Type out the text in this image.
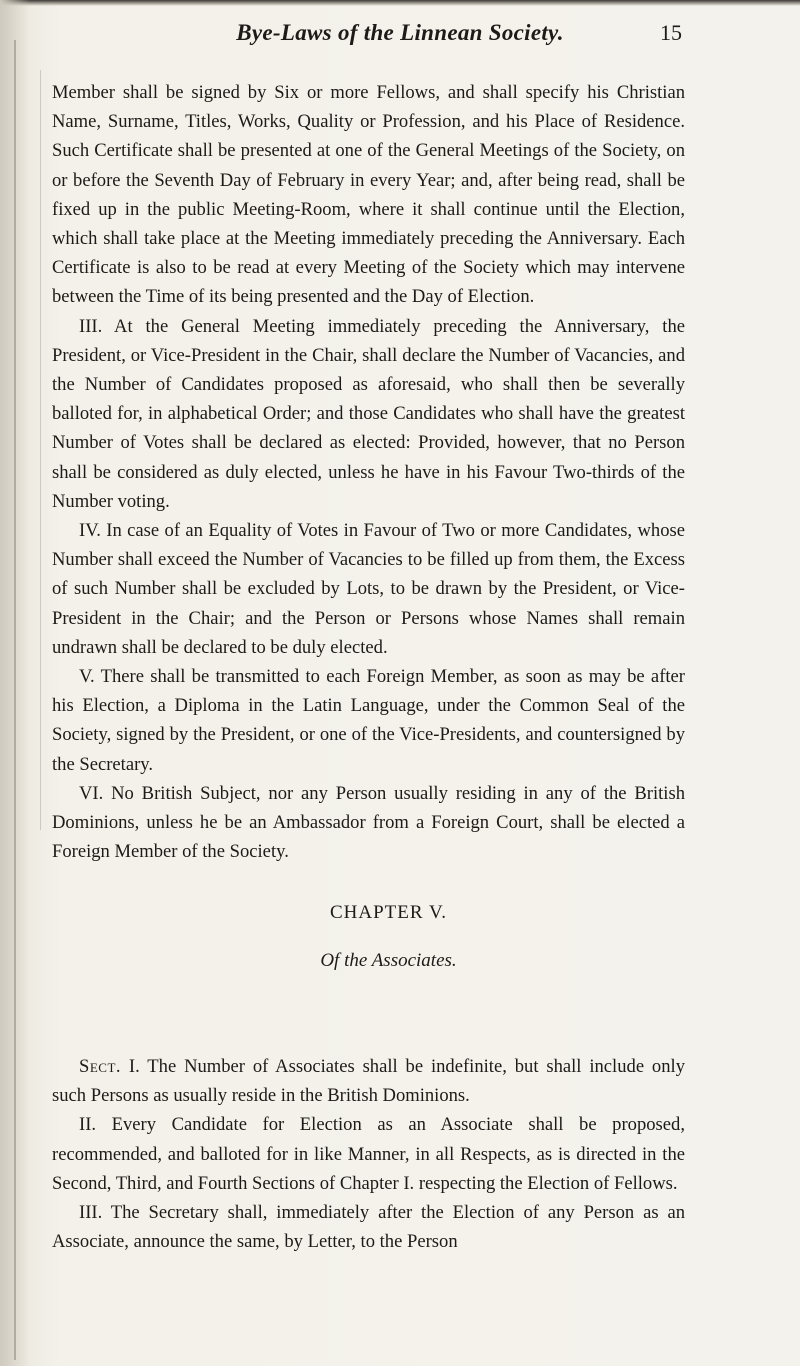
Bye-Laws of the Linnean Society.	15

Member shall be signed by Six or more Fellows, and shall specify his Christian Name, Surname, Titles, Works, Quality or Profession, and his Place of Residence. Such Certificate shall be presented at one of the General Meetings of the Society, on or before the Seventh Day of February in every Year; and, after being read, shall be fixed up in the public Meeting-Room, where it shall continue until the Election, which shall take place at the Meeting immediately preceding the Anniversary. Each Certificate is also to be read at every Meeting of the Society which may intervene between the Time of its being presented and the Day of Election.

III. At the General Meeting immediately preceding the Anniversary, the President, or Vice-President in the Chair, shall declare the Number of Vacancies, and the Number of Candidates proposed as aforesaid, who shall then be severally balloted for, in alphabetical Order; and those Candidates who shall have the greatest Number of Votes shall be declared as elected: Provided, however, that no Person shall be considered as duly elected, unless he have in his Favour Two-thirds of the Number voting.

IV. In case of an Equality of Votes in Favour of Two or more Candidates, whose Number shall exceed the Number of Vacancies to be filled up from them, the Excess of such Number shall be excluded by Lots, to be drawn by the President, or Vice-President in the Chair; and the Person or Persons whose Names shall remain undrawn shall be declared to be duly elected.

V. There shall be transmitted to each Foreign Member, as soon as may be after his Election, a Diploma in the Latin Language, under the Common Seal of the Society, signed by the President, or one of the Vice-Presidents, and countersigned by the Secretary.

VI. No British Subject, nor any Person usually residing in any of the British Dominions, unless he be an Ambassador from a Foreign Court, shall be elected a Foreign Member of the Society.

CHAPTER V.
Of the Associates.

Sect. I. The Number of Associates shall be indefinite, but shall include only such Persons as usually reside in the British Dominions.

II. Every Candidate for Election as an Associate shall be proposed, recommended, and balloted for in like Manner, in all Respects, as is directed in the Second, Third, and Fourth Sections of Chapter I. respecting the Election of Fellows.

III. The Secretary shall, immediately after the Election of any Person as an Associate, announce the same, by Letter, to the Person
